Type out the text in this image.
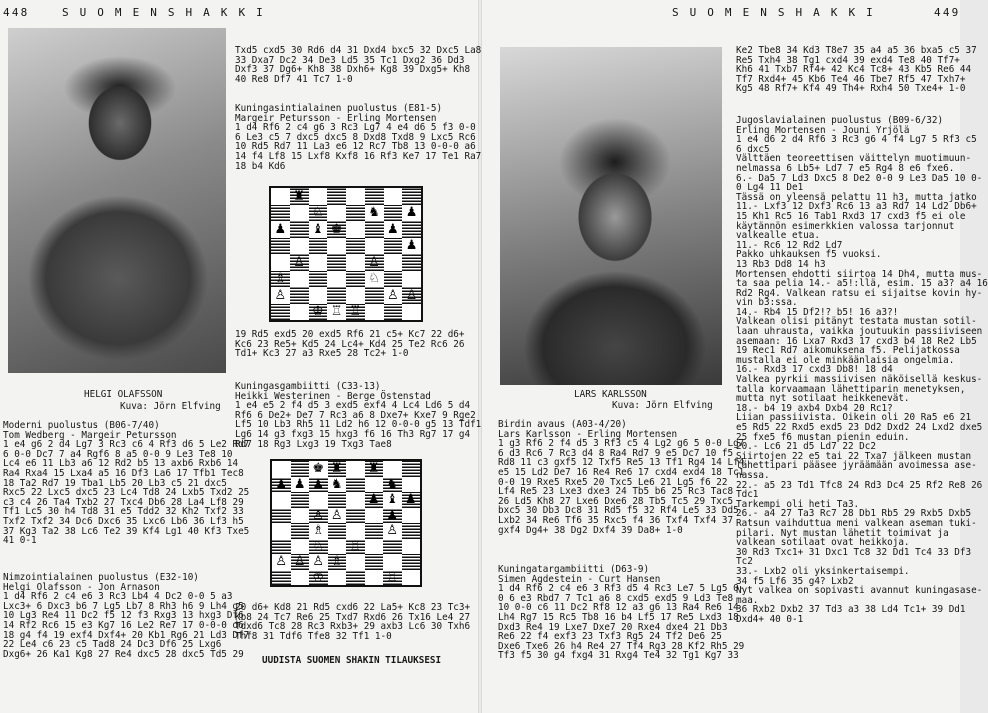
448	S U O M E N S H A K K I
HELGI OLAFSSON
Kuva: Jörn Elfving
Moderni puolustus (B06-7/40)
Tom Wedberg - Margeir Petursson
1 e4 g6 2 d4 Lg7 3 Rc3 c6 4 Rf3 d6 5 Le2 Rd7
6 0-0 Dc7 7 a4 Rgf6 8 a5 0-0 9 Le3 Te8 10
Lc4 e6 11 Lb3 a6 12 Rd2 b5 13 axb6 Rxb6 14
Ra4 Rxa4 15 Lxa4 a5 16 Df3 La6 17 Tfb1 Tec8
18 Ta2 Rd7 19 Tba1 Lb5 20 Lb3 c5 21 dxc5
Rxc5 22 Lxc5 dxc5 23 Lc4 Td8 24 Lxb5 Txd2 25
c3 c4 26 Ta4 Txb2 27 Txc4 Db6 28 La4 Lf8 29
Tf1 Lc5 30 h4 Td8 31 e5 Tdd2 32 Kh2 Txf2 33
Txf2 Txf2 34 Dc6 Dxc6 35 Lxc6 Lb6 36 Lf3 h5
37 Kg3 Ta2 38 Lc6 Te2 39 Kf4 Lg1 40 Kf3 Txe5
41 0-1
Nimzointialainen puolustus (E32-10)
Helgi Olafsson - Jon Arnason
1 d4 Rf6 2 c4 e6 3 Rc3 Lb4 4 Dc2 0-0 5 a3
Lxc3+ 6 Dxc3 b6 7 Lg5 Lb7 8 Rh3 h6 9 Lh4 g5
10 Lg3 Re4 11 Dc2 f5 12 f3 Rxg3 13 hxg3 Df6
14 Rf2 Rc6 15 e3 Kg7 16 Le2 Re7 17 0-0-0 d6
18 g4 f4 19 exf4 Dxf4+ 20 Kb1 Rg6 21 Ld3 Df7
22 Le4 c6 23 c5 Tad8 24 Dc3 Df6 25 Lxg6
Dxg6+ 26 Ka1 Kg8 27 Re4 dxc5 28 dxc5 Td5 29
Txd5 cxd5 30 Rd6 d4 31 Dxd4 bxc5 32 Dxc5 La8
33 Dxa7 Dc2 34 De3 Ld5 35 Tc1 Dxg2 36 Dd3
Dxf3 37 Dg6+ Kh8 38 Dxh6+ Kg8 39 Dxg5+ Kh8
40 Re8 Df7 41 Tc7 1-0
Kuningasintialainen puolustus (E81-5)
Margeir Petursson - Erling Mortensen
1 d4 Rf6 2 c4 g6 3 Rc3 Lg7 4 e4 d6 5 f3 0-0
6 Le3 c5 7 dxc5 dxc5 8 Dxd8 Txd8 9 Lxc5 Rc6
10 Rd5 Rd7 11 La3 e6 12 Rc7 Tb8 13 0-0-0 a6
14 f4 Lf8 15 Lxf8 Kxf8 16 Rf3 Ke7 17 Te1 Ra7
18 b4 Kd6
♜
♘	♞ ♟
♟ ♝ ♚	♟
♟
♙	♙
♗	♘
♙	♙ ♙
♔ ♖ ♖
19 Rd5 exd5 20 exd5 Rf6 21 c5+ Kc7 22 d6+
Kc6 23 Re5+ Kd5 24 Lc4+ Kd4 25 Te2 Rc6 26
Td1+ Kc3 27 a3 Rxe5 28 Tc2+ 1-0
Kuningasgambiitti (C33-13)
Heikki Westerinen - Berge Östenstad
1 e4 e5 2 f4 d5 3 exd5 exf4 4 Lc4 Ld6 5 d4
Rf6 6 De2+ De7 7 Rc3 a6 8 Dxe7+ Kxe7 9 Rge2
Lf5 10 Lb3 Rh5 11 Ld2 h6 12 0-0-0 g5 13 Tdf1
Lg6 14 g3 fxg3 15 hxg3 f6 16 Th3 Rg7 17 g4
Rd7 18 Rg3 Lxg3 19 Txg3 Tae8
♚ ♜ ♜
♟ ♟ ♟ ♞	♞
♟ ♝ ♟
♙ ♙	♟
♗	♙
♘ ♖
♙ ♙ ♙ ♗
♔	♖
20 d6+ Kd8 21 Rd5 cxd6 22 La5+ Kc8 23 Tc3+
Kb8 24 Tc7 Re6 25 Txd7 Rxd6 26 Tx16 Le4 27
Tdxd6 Tc8 28 Rc3 Rxb3+ 29 axb3 Lc6 30 Txh6
Thf8 31 Tdf6 Tfe8 32 Tf1 1-0
UUDISTA SUOMEN SHAKIN TILAUKSESI
S U O M E N S H A K K I	449
Ke2 Tbe8 34 Kd3 T8e7 35 a4 a5 36 bxa5 c5 37
Re5 Txh4 38 Tg1 cxd4 39 exd4 Te8 40 Tf7+
Kh6 41 Txb7 Rf4+ 42 Kc4 Tc8+ 43 Kb5 Re6 44
Tf7 Rxd4+ 45 Kb6 Te4 46 Tbe7 Rf5 47 Txh7+
Kg5 48 Rf7+ Kf4 49 Th4+ Rxh4 50 Txe4+ 1-0
LARS KARLSSON
Kuva: Jörn Elfving
Birdin avaus (A03-4/20)
Lars Karlsson - Erling Mortensen
1 g3 Rf6 2 f4 d5 3 Rf3 c5 4 Lg2 g6 5 0-0 Lg7
6 d3 Rc6 7 Rc3 d4 8 Ra4 Rd7 9 e5 Dc7 10 f5
Rd8 11 c3 gxf5 12 Txf5 Re5 13 Tf1 Rg4 14 Lf4
e5 15 Ld2 De7 16 Re4 Re6 17 cxd4 exd4 18 Tc1
0-0 19 Rxe5 Rxe5 20 Txc5 Le6 21 Lg5 f6 22
Lf4 Re5 23 Lxe3 dxe3 24 Tb5 b6 25 Rc3 Tac8
26 Ld5 Kh8 27 Lxe6 Dxe6 28 Tb5 Tc5 29 Txc5
bxc5 30 Db3 Dc8 31 Rd5 f5 32 Rf4 Le5 33 Dd5
Lxb2 34 Re6 Tf6 35 Rxc5 f4 36 Txf4 Txf4 37
gxf4 Dg4+ 38 Dg2 Dxf4 39 Da8+ 1-0
Kuningatargambiitti (D63-9)
Simen Agdestein - Curt Hansen
1 d4 Rf6 2 c4 e6 3 Rf3 d5 4 Rc3 Le7 5 Lg5 0-
0 6 e3 Rbd7 7 Tc1 a6 8 cxd5 exd5 9 Ld3 Te8
10 0-0 c6 11 Dc2 Rf8 12 a3 g6 13 Ra4 Re6 14
Lh4 Rg7 15 Rc5 Tb8 16 b4 Lf5 17 Re5 Lxd3 18
Dxd3 Re4 19 Lxe7 Dxe7 20 Rxe4 dxe4 21 Db3
Re6 22 f4 exf3 23 Txf3 Rg5 24 Tf2 De6 25
Dxe6 Txe6 26 h4 Re4 27 Tf4 Rg3 28 Kf2 Rh5 29
Tf3 f5 30 g4 fxg4 31 Rxg4 Te4 32 Tg1 Kg7 33
Jugoslavialainen puolustus (B09-6/32)
Erling Mortensen - Jouni Yrjölä
1 e4 d6 2 d4 Rf6 3 Rc3 g6 4 f4 Lg7 5 Rf3 c5
6 dxc5
Välttäen teoreettisen väittelyn muotimuun-
nelmassa 6 Lb5+ Ld7 7 e5 Rg4 8 e6 fxe6.
6.- Da5 7 Ld3 Dxc5 8 De2 0-0 9 Le3 Da5 10 0-
0 Lg4 11 De1
Tässä on yleensä pelattu 11 h3, mutta jatko
11.- Lxf3 12 Dxf3 Rc6 13 a3 Rd7 14 Ld2 Db6+
15 Kh1 Rc5 16 Tab1 Rxd3 17 cxd3 f5 ei ole
käytännön esimerkkien valossa tarjonnut
valkealle etua.
11.- Rc6 12 Rd2 Ld7
Pakko uhkauksen f5 vuoksi.
13 Rb3 Dd8 14 h3
Mortensen ehdotti siirtoa 14 Dh4, mutta mus-
ta saa pelia 14.- a5!:llä, esim. 15 a3? a4 16
Rd2 Rg4. Valkean ratsu ei sijaitse kovin hy-
vin b3:ssa.
14.- Rb4 15 Df2!? b5! 16 a3?!
Valkean olisi pitänyt testata mustan sotil-
laan uhrausta, vaikka joutuukin passiiviseen
asemaan: 16 Lxa7 Rxd3 17 cxd3 b4 18 Re2 Lb5
19 Rec1 Rd7 aikomuksena f5. Pelijatkossa
mustalla ei ole minkäänlaisia ongelmia.
16.- Rxd3 17 cxd3 Db8! 18 d4
Valkea pyrkii massiivisen näköisellä keskus-
talla korvaamaan lähettiparin menetyksen,
mutta nyt sotilaat heikkenevät.
18.- b4 19 axb4 Dxb4 20 Rc1?
Liian passiivista. Oikein oli 20 Ra5 e6 21
e5 Rd5 22 Rxd5 exd5 23 Dd2 Dxd2 24 Lxd2 dxe5
25 fxe5 f6 mustan pienin eduin.
20.- Lc6 21 d5 Ld7 22 Dc2
Siirtojen 22 e5 tai 22 Txa7 jälkeen mustan
lähettipari pääsee jyräämään avoimessa ase-
nassa.
22.- a5 23 Td1 Tfc8 24 Rd3 Dc4 25 Rf2 Re8 26
Tdc1
Tarkempi oli heti Ta3.
26.- a4 27 Ta3 Rc7 28 Db1 Rb5 29 Rxb5 Dxb5
Ratsun vaihduttua meni valkean aseman tuki-
pilari. Nyt mustan lähetit toimivat ja
valkean sotilaat ovat heikkoja.
30 Rd3 Txc1+ 31 Dxc1 Tc8 32 Dd1 Tc4 33 Df3
Tc2
33.- Lxb2 oli yksinkertaisempi.
34 f5 Lf6 35 g4? Lxb2
Nyt valkea on sopivasti avannut kuningasase-
maa.
36 Rxb2 Dxb2 37 Td3 a3 38 Ld4 Tc1+ 39 Dd1
Dxd4+ 40 0-1
